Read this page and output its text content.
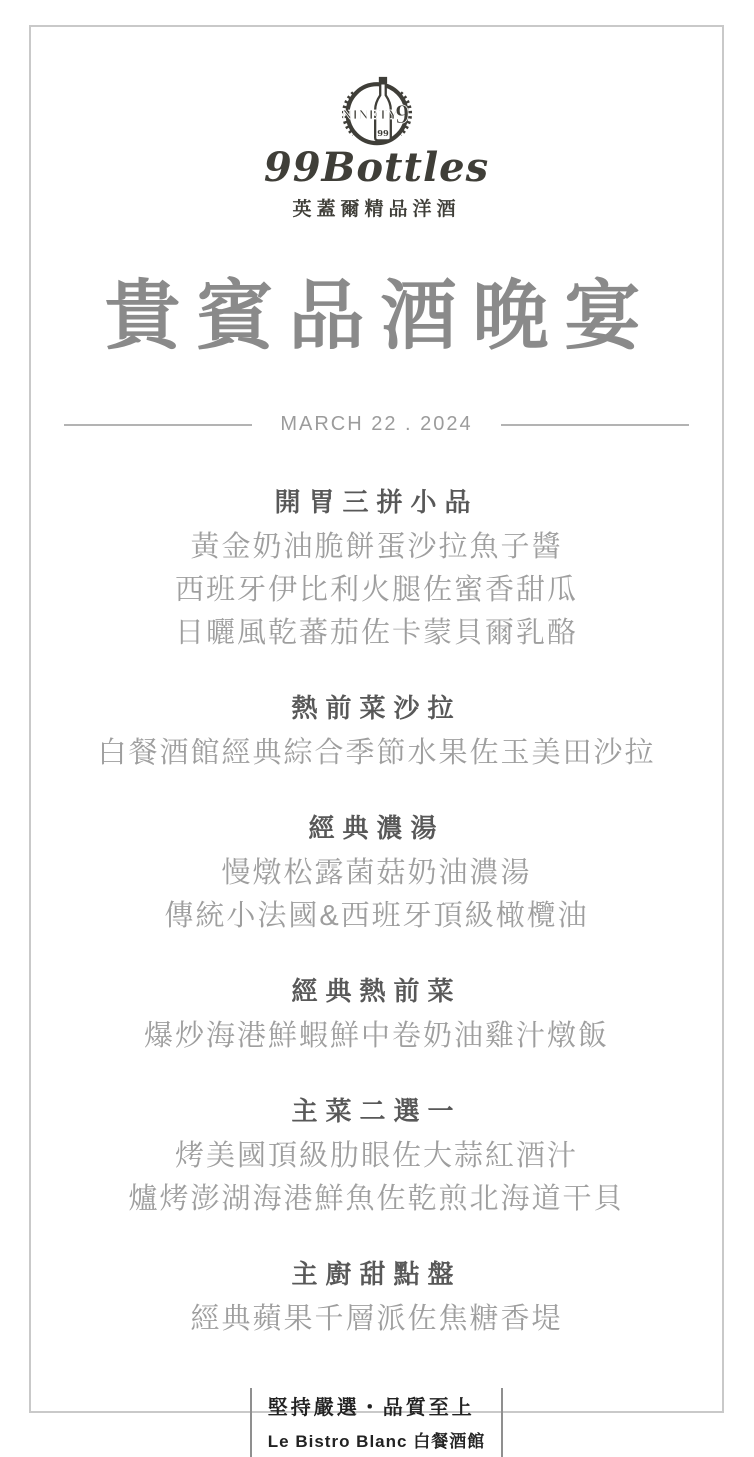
99
NINETY
9
99Bottles
英蓋爾精品洋酒
貴賓品酒晚宴
MARCH 22 . 2024
開胃三拼小品
黃金奶油脆餅蛋沙拉魚子醬
西班牙伊比利火腿佐蜜香甜瓜
日曬風乾蕃茄佐卡蒙貝爾乳酪
熱前菜沙拉
白餐酒館經典綜合季節水果佐玉美田沙拉
經典濃湯
慢燉松露菌菇奶油濃湯
傳統小法國&西班牙頂級橄欖油
經典熱前菜
爆炒海港鮮蝦鮮中卷奶油雞汁燉飯
主菜二選一
烤美國頂級肋眼佐大蒜紅酒汁
爐烤澎湖海港鮮魚佐乾煎北海道干貝
主廚甜點盤
經典蘋果千層派佐焦糖香堤
堅持嚴選・品質至上
Le Bistro Blanc 白餐酒館
